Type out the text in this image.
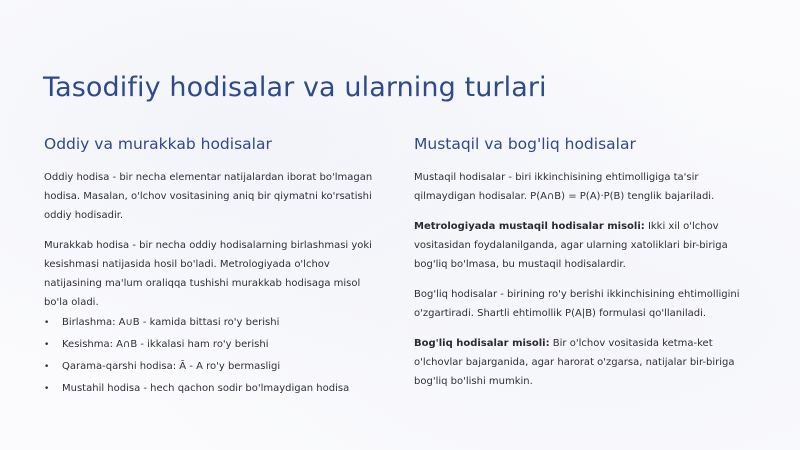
Tasodifiy hodisalar va ularning turlari
Oddiy va murakkab hodisalar

Oddiy hodisa - bir necha elementar natijalardan iborat bo'lmagan hodisa. Masalan, o'lchov vositasining aniq bir qiymatni ko'rsatishi oddiy hodisadir.

Murakkab hodisa - bir necha oddiy hodisalarning birlashmasi yoki kesishmasi natijasida hosil bo'ladi. Metrologiyada o'lchov natijasining ma'lum oraliqqa tushishi murakkab hodisaga misol bo'la oladi.

• Birlashma: A∪B - kamida bittasi ro'y berishi
• Kesishma: A∩B - ikkalasi ham ro'y berishi
• Qarama-qarshi hodisa: Ā - A ro'y bermasligi
• Mustahil hodisa - hech qachon sodir bo'lmaydigan hodisa
Mustaqil va bog'liq hodisalar

Mustaqil hodisalar - biri ikkinchisining ehtimolligiga ta'sir qilmaydigan hodisalar. P(A∩B) = P(A)·P(B) tenglik bajariladi.

Metrologiyada mustaqil hodisalar misoli: Ikki xil o'lchov vositasidan foydalanilganda, agar ularning xatoliklari bir-biriga bog'liq bo'lmasa, bu mustaqil hodisalardir.

Bog'liq hodisalar - birining ro'y berishi ikkinchisining ehtimolligini o'zgartiradi. Shartli ehtimollik P(A|B) formulasi qo'llaniladi.

Bog'liq hodisalar misoli: Bir o'lchov vositasida ketma-ket o'lchovlar bajarganida, agar harorat o'zgarsa, natijalar bir-biriga bog'liq bo'lishi mumkin.
